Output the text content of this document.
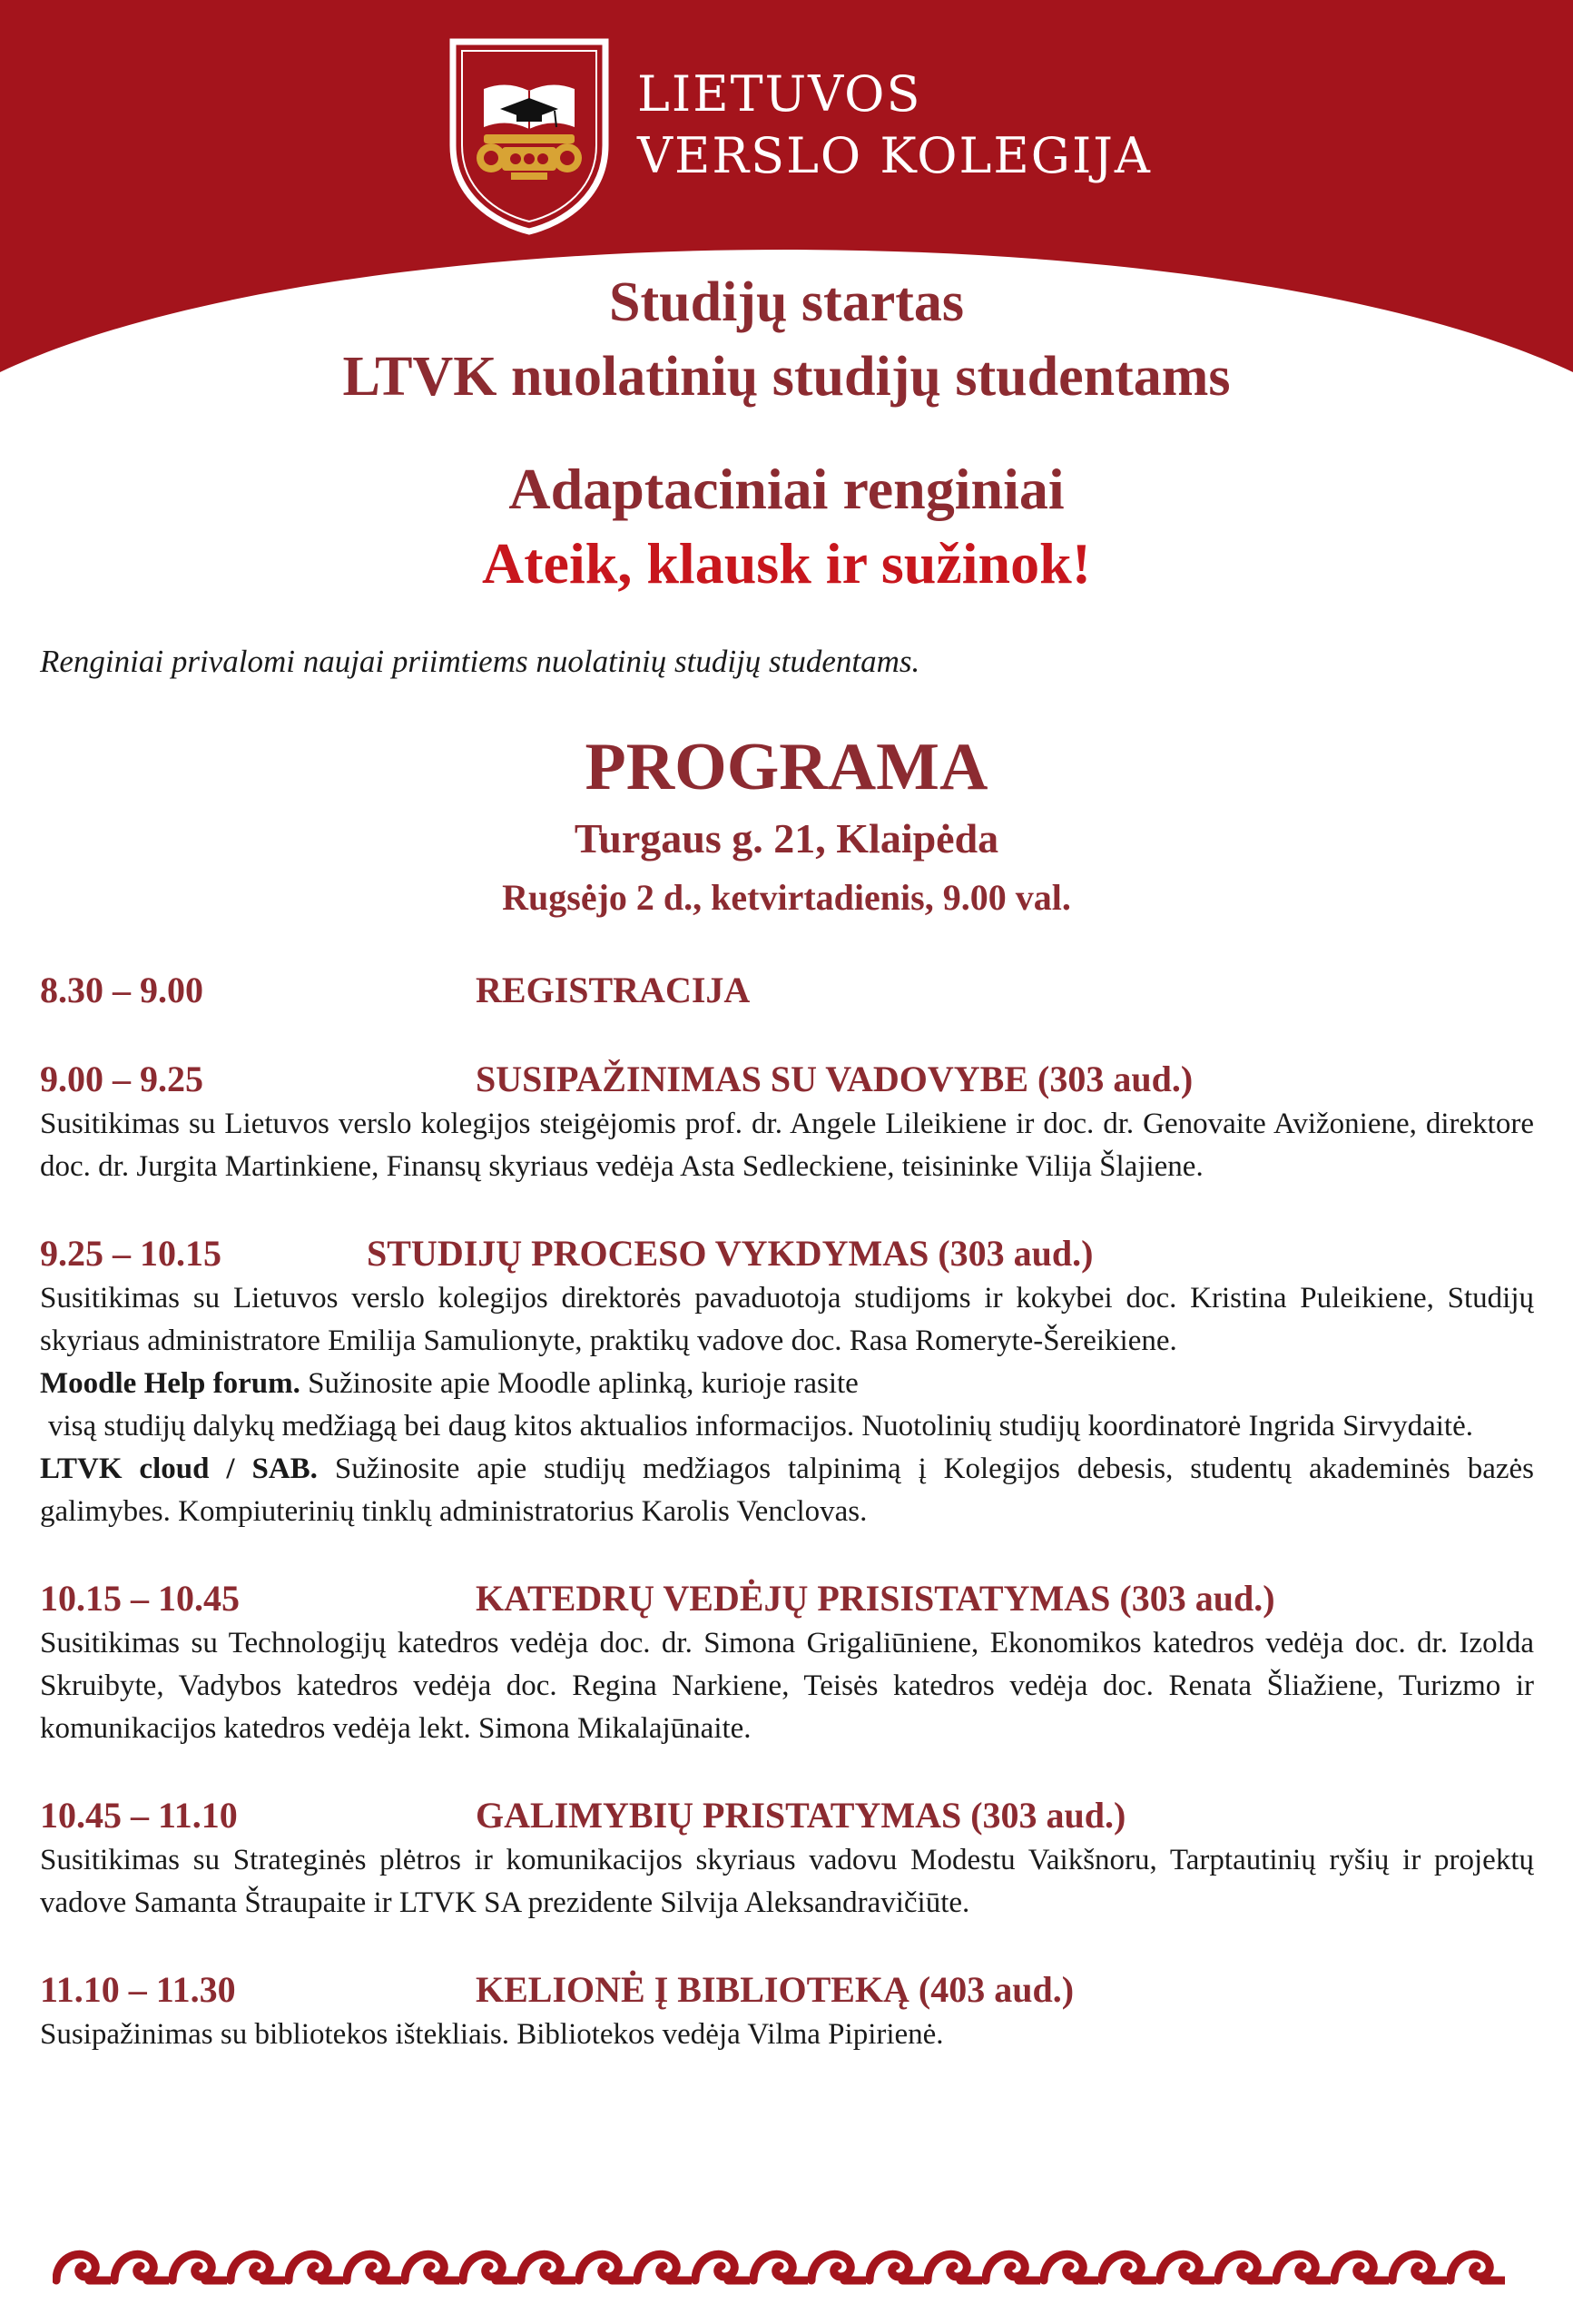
LIETUVOS
VERSLO KOLEGIJA
Studijų startas
LTVK nuolatinių studijų studentams
Adaptaciniai renginiai
Ateik, klausk ir sužinok!
Renginiai privalomi naujai priimtiems nuolatinių studijų studentams.
PROGRAMA
Turgaus g. 21, Klaipėda
Rugsėjo 2 d., ketvirtadienis, 9.00 val.
8.30 – 9.00	REGISTRACIJA
9.00 – 9.25	SUSIPAŽINIMAS SU VADOVYBE (303 aud.)

Susitikimas su Lietuvos verslo kolegijos steigėjomis prof. dr. Angele Lileikiene ir doc. dr. Genovaite Avižoniene, direktore doc. dr. Jurgita Martinkiene, Finansų skyriaus vedėja Asta Sedleckiene, teisininke Vilija Šlajiene.

9.25 – 10.15	STUDIJŲ PROCESO VYKDYMAS (303 aud.)

Susitikimas su Lietuvos verslo kolegijos direktorės pavaduotoja studijoms ir kokybei doc. Kristina Puleikiene, Studijų skyriaus administratore Emilija Samulionyte, praktikų vadove doc. Rasa Romeryte-Šereikiene.

Moodle Help forum. Sužinosite apie Moodle aplinką, kurioje rasite

visą studijų dalykų medžiagą bei daug kitos aktualios informacijos. Nuotolinių studijų koordinatorė Ingrida Sirvydaitė.

LTVK cloud / SAB. Sužinosite apie studijų medžiagos talpinimą į Kolegijos debesis, studentų akademinės bazės galimybes. Kompiuterinių tinklų administratorius Karolis Venclovas.

10.15 – 10.45	KATEDRŲ VEDĖJŲ PRISISTATYMAS (303 aud.)

Susitikimas su Technologijų katedros vedėja doc. dr. Simona Grigaliūniene, Ekonomikos katedros vedėja doc. dr. Izolda Skruibyte, Vadybos katedros vedėja doc. Regina Narkiene, Teisės katedros vedėja doc. Renata Šliažiene, Turizmo ir komunikacijos katedros vedėja lekt. Simona Mikalajūnaite.

10.45 – 11.10	GALIMYBIŲ PRISTATYMAS (303 aud.)

Susitikimas su Strateginės plėtros ir komunikacijos skyriaus vadovu Modestu Vaikšnoru, Tarptautinių ryšių ir projektų vadove Samanta Štraupaite ir LTVK SA prezidente Silvija Aleksandravičiūte.

11.10 – 11.30	KELIONĖ Į BIBLIOTEKĄ (403 aud.)

Susipažinimas su bibliotekos ištekliais. Bibliotekos vedėja Vilma Pipirienė.
